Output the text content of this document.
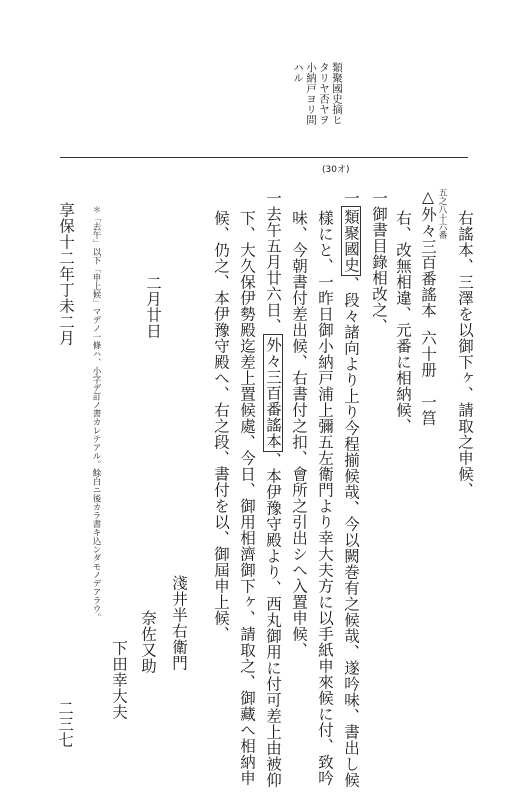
類聚國史摘ヒ
タリヤ否ヤヲ
小納戸ヨリ問
ハル
(30オ)
右謠本、三澤を以御下ヶ、請取之申候、
五之八十六番
△外々三百番謠本
六十册　一筥
右、改無相違、元番に相納候、
一御書目錄相改之、
一類聚國史、段々諸向より上り今程揃候哉、今以闕巻有之候哉、遂吟味、書出し候
樣にと、一昨日御小納戸浦上彌五左衛門より幸大夫方に以手紙申來候に付、致吟
味、今朝書付差出候、右書付之扣、會所之引出シへ入置申候、
一去午五月廿六日、外々三百番謠本、本伊豫守殿より、西丸御用に付可差上由被仰
下、大久保伊勢殿迄差上置候處、今日、御用相濟御下ヶ、請取之、御藏へ相納申
候、仍之、本伊豫守殿へ、右之段、書付を以、御屆申上候、
二月廿日
淺井半右衛門
奈佐又助
下田幸大夫
＊「去午」以下「申上候」マデノ一條ハ、小字デ訂ノ書カレテアル。餘白ニ後カラ書キ込ンダモノデアラウ。
享保十二年丁未二月
二三七
